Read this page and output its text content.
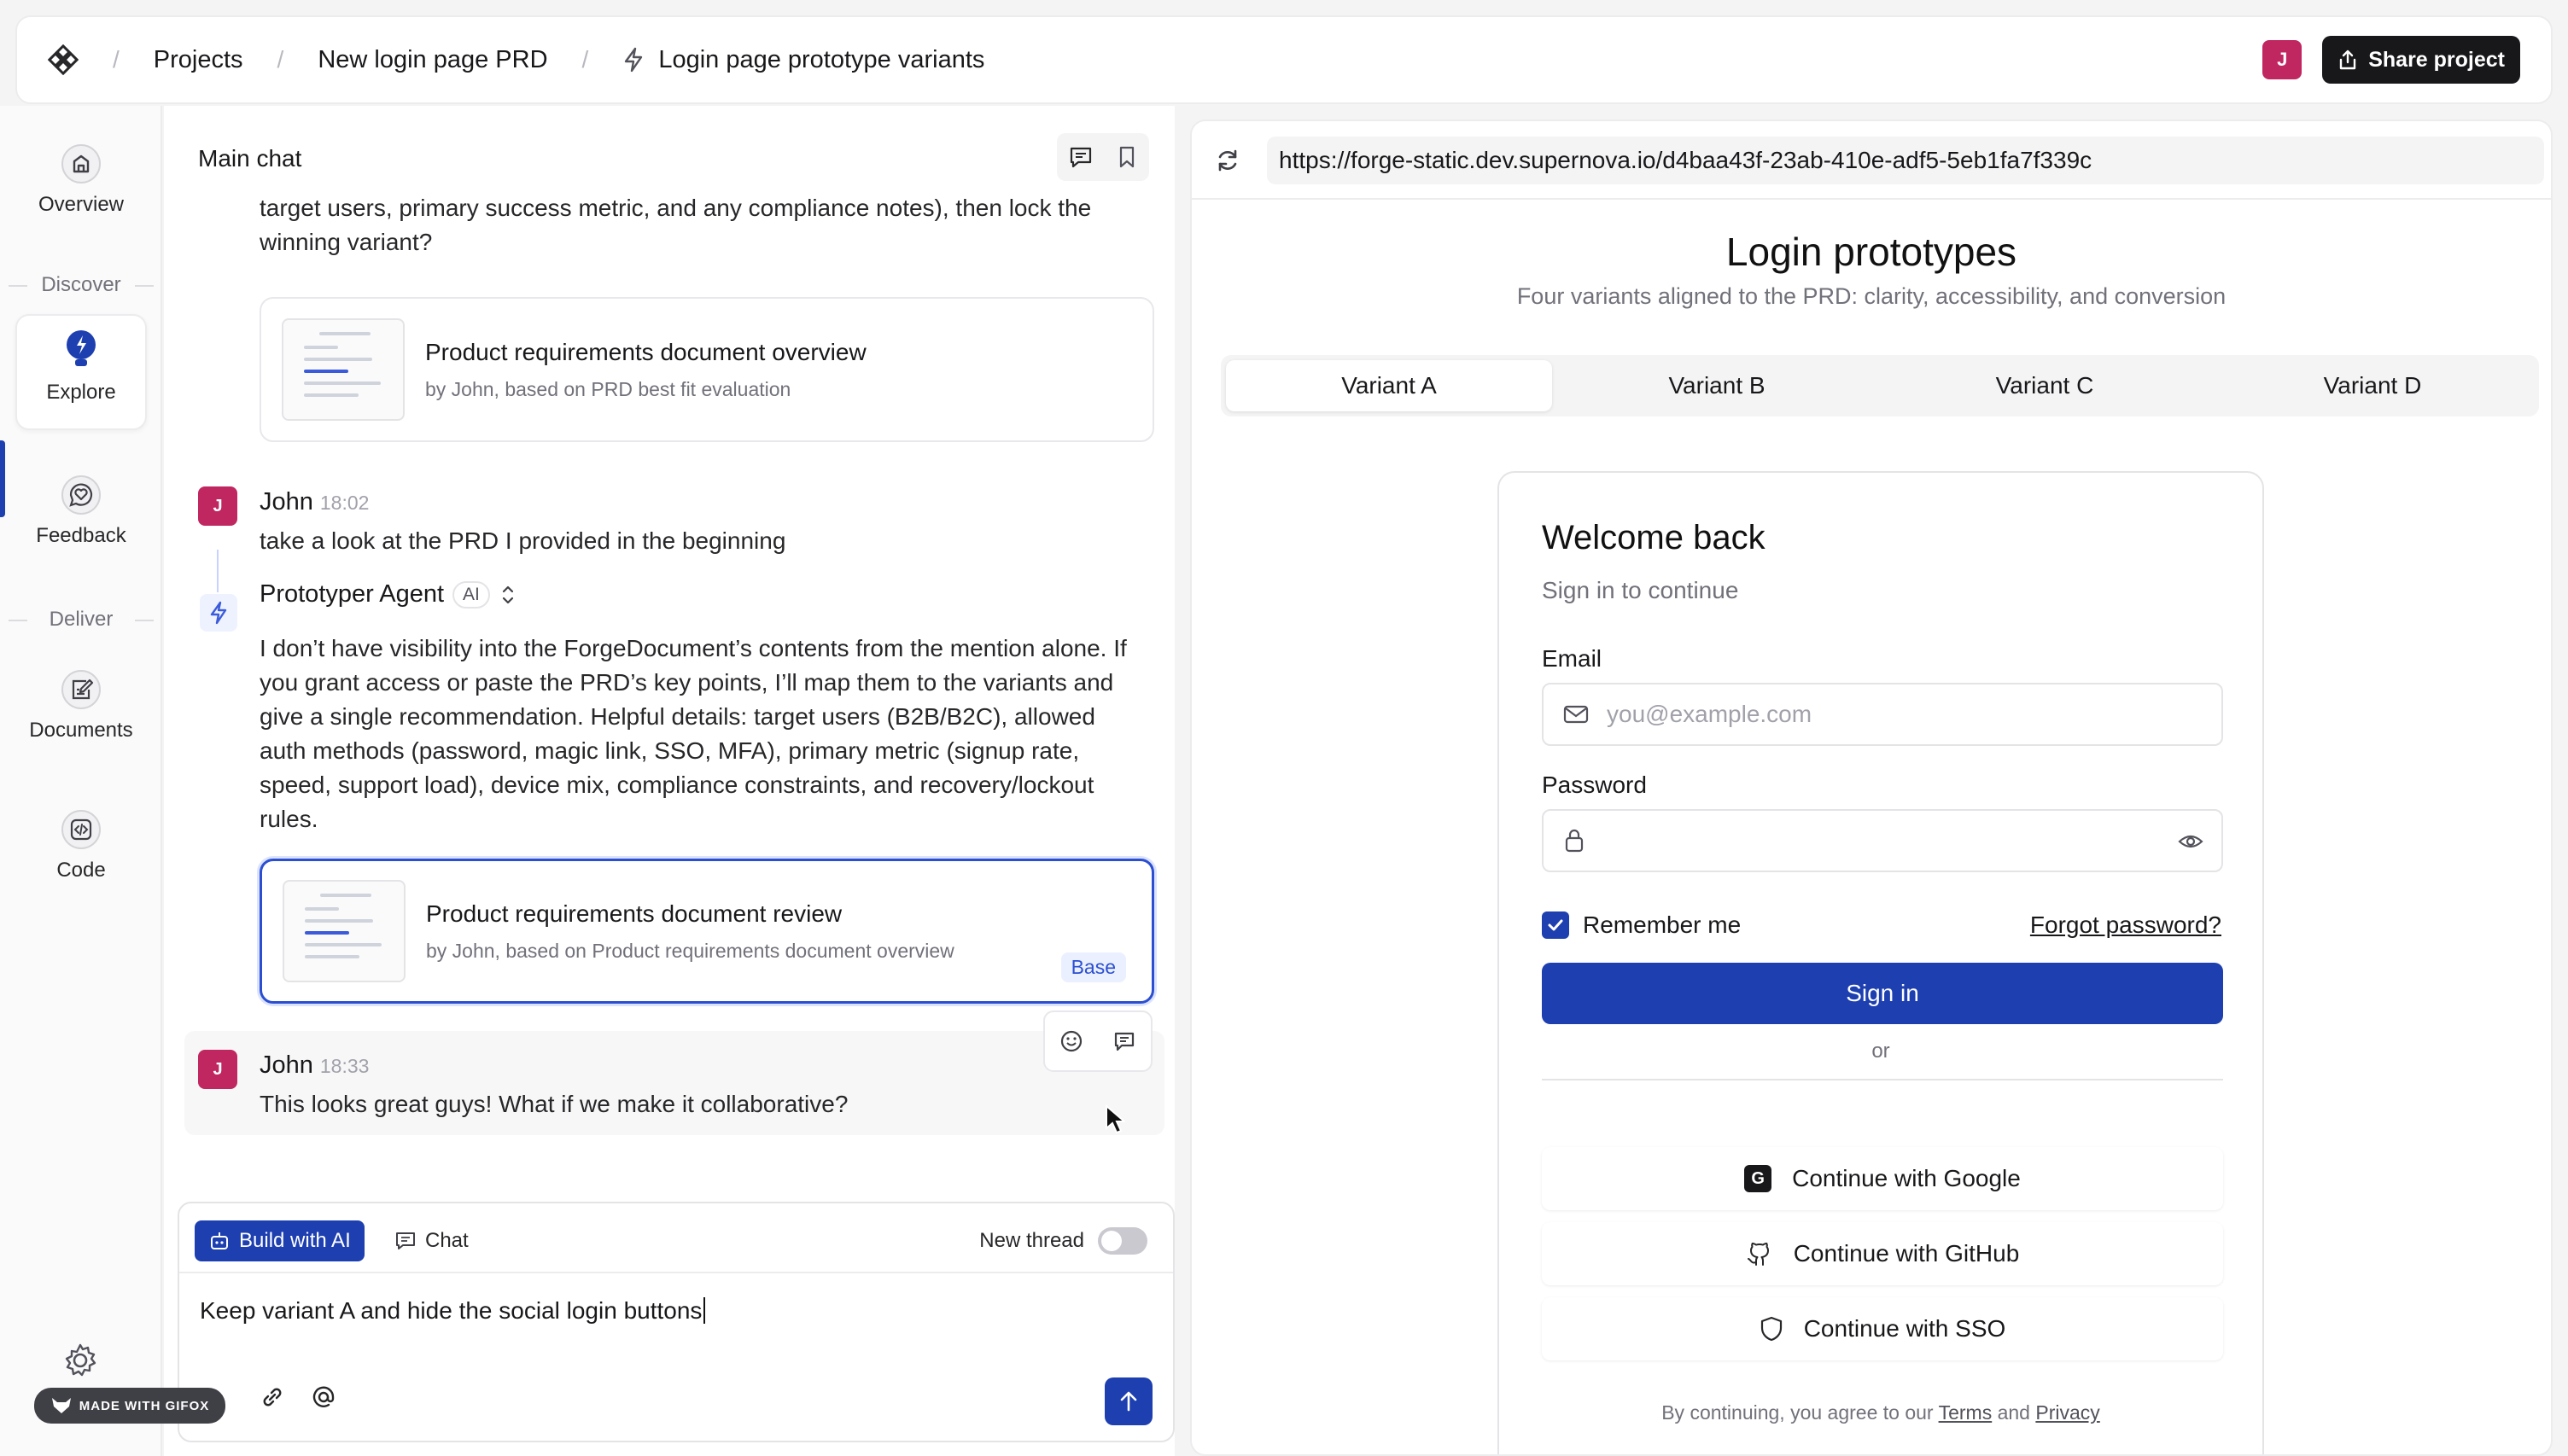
/ Projects / New login page PRD /	Login page prototype variants	J	Share project
Overview
Discover
Explore
Feedback
Deliver
Documents
Code
Main chat
target users, primary success metric, and any compliance notes), then lock the winning variant?
Product requirements document overview
by John, based on PRD best fit evaluation
J	John 18:02
take a look at the PRD I provided in the beginning
Prototyper Agent	AI
I don’t have visibility into the ForgeDocument’s contents from the mention alone. If you grant access or paste the PRD’s key points, I’ll map them to the variants and give a single recommendation. Helpful details: target users (B2B/B2C), allowed auth methods (password, magic link, SSO, MFA), primary metric (signup rate, speed, support load), device mix, compliance constraints, and recovery/lockout rules.
Product requirements document review
by John, based on Product requirements document overview
Base
J	John 18:33
This looks great guys! What if we make it collaborative?
Build with AI	Chat	New thread
Keep variant A and hide the social login buttons
MADE WITH GIFOX
https://forge-static.dev.supernova.io/d4baa43f-23ab-410e-adf5-5eb1fa7f339c
Login prototypes
Four variants aligned to the PRD: clarity, accessibility, and conversion
Variant A	Variant B	Variant C	Variant D
Welcome back
Sign in to continue
Email
you@example.com
Password
Remember me	Forgot password?
Sign in
or
G Continue with Google
Continue with GitHub
Continue with SSO
By continuing, you agree to our Terms and Privacy
